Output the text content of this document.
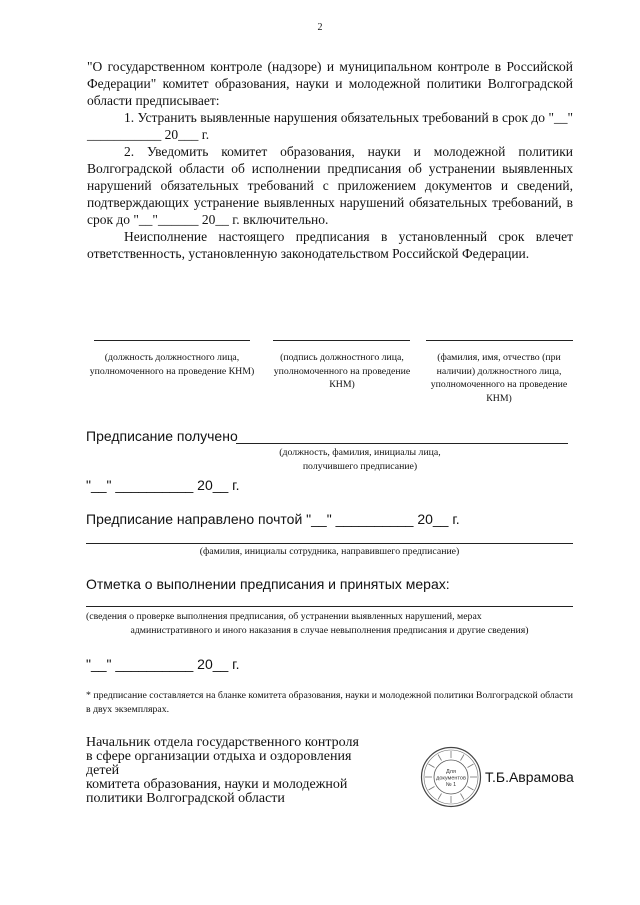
2

"О государственном контроле (надзоре) и муниципальном контроле в Российской Федерации" комитет образования, науки и молодежной политики Волгоградской области предписывает:

1. Устранить выявленные нарушения обязательных требований в срок до "__" ___________ 20___ г.

2. Уведомить комитет образования, науки и молодежной политики Волгоградской области об исполнении предписания об устранении выявленных нарушений обязательных требований с приложением документов и сведений, подтверждающих устранение выявленных нарушений обязательных требований, в срок до "__"______ 20__ г. включительно.

Неисполнение настоящего предписания в установленный срок влечет ответственность, установленную законодательством Российской Федерации.

(должность должностного лица, уполномоченного на проведение КНМ)
(подпись должностного лица, уполномоченного на проведение КНМ)
(фамилия, имя, отчество (при наличии) должностного лица, уполномоченного на проведение КНМ)
Предписание получено
(должность, фамилия, инициалы лица,
получившего предписание)
"__" __________ 20__ г.
Предписание направлено почтой "__" __________ 20__ г.
(фамилия, инициалы сотрудника, направившего предписание)
Отметка о выполнении предписания и принятых мерах:
(сведения о проверке выполнения предписания, об устранении выявленных нарушений, мерах
административного и иного наказания в случае невыполнения предписания и другие сведения)
"__" __________ 20__ г.
* предписание составляется на бланке комитета образования, науки и молодежной политики Волгоградской области в двух экземплярах.
Начальник отдела государственного контроля
в сфере организации отдыха и оздоровления детей
комитета образования, науки и молодежной
политики Волгоградской области
Для
документов
№ 1 Т.Б.Аврамова
